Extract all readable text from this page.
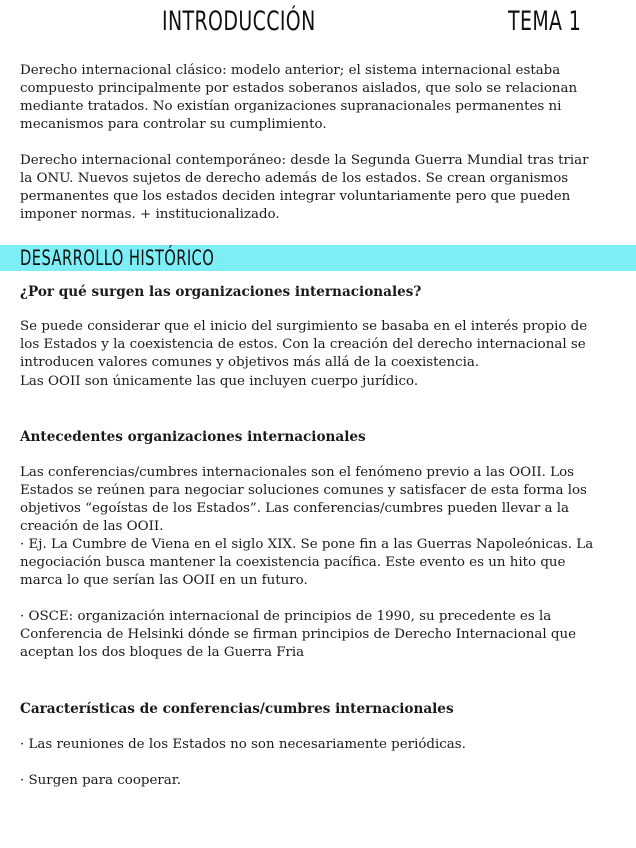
INTRODUCCIÓN	TEMA 1

Derecho internacional clásico: modelo anterior; el sistema internacional estaba compuesto principalmente por estados soberanos aislados, que solo se relacionan mediante tratados. No existían organizaciones supranacionales permanentes ni mecanismos para controlar su cumplimiento.

Derecho internacional contemporáneo: desde la Segunda Guerra Mundial tras triar la ONU. Nuevos sujetos de derecho además de los estados. Se crean organismos permanentes que los estados deciden integrar voluntariamente pero que pueden imponer normas. + institucionalizado.

DESARROLLO HISTÓRICO

¿Por qué surgen las organizaciones internacionales?

Se puede considerar que el inicio del surgimiento se basaba en el interés propio de los Estados y la coexistencia de estos. Con la creación del derecho internacional se introducen valores comunes y objetivos más allá de la coexistencia.

Las OOII son únicamente las que incluyen cuerpo jurídico.

Antecedentes organizaciones internacionales

Las conferencias/cumbres internacionales son el fenómeno previo a las OOII. Los Estados se reúnen para negociar soluciones comunes y satisfacer de esta forma los objetivos “egoístas de los Estados”. Las conferencias/cumbres pueden llevar a la creación de las OOII.

· Ej. La Cumbre de Viena en el siglo XIX. Se pone fin a las Guerras Napoleónicas. La negociación busca mantener la coexistencia pacífica. Este evento es un hito que marca lo que serían las OOII en un futuro.

· OSCE: organización internacional de principios de 1990, su precedente es la Conferencia de Helsinki dónde se firman principios de Derecho Internacional que aceptan los dos bloques de la Guerra Fria

Características de conferencias/cumbres internacionales

· Las reuniones de los Estados no son necesariamente periódicas.

· Surgen para cooperar.
